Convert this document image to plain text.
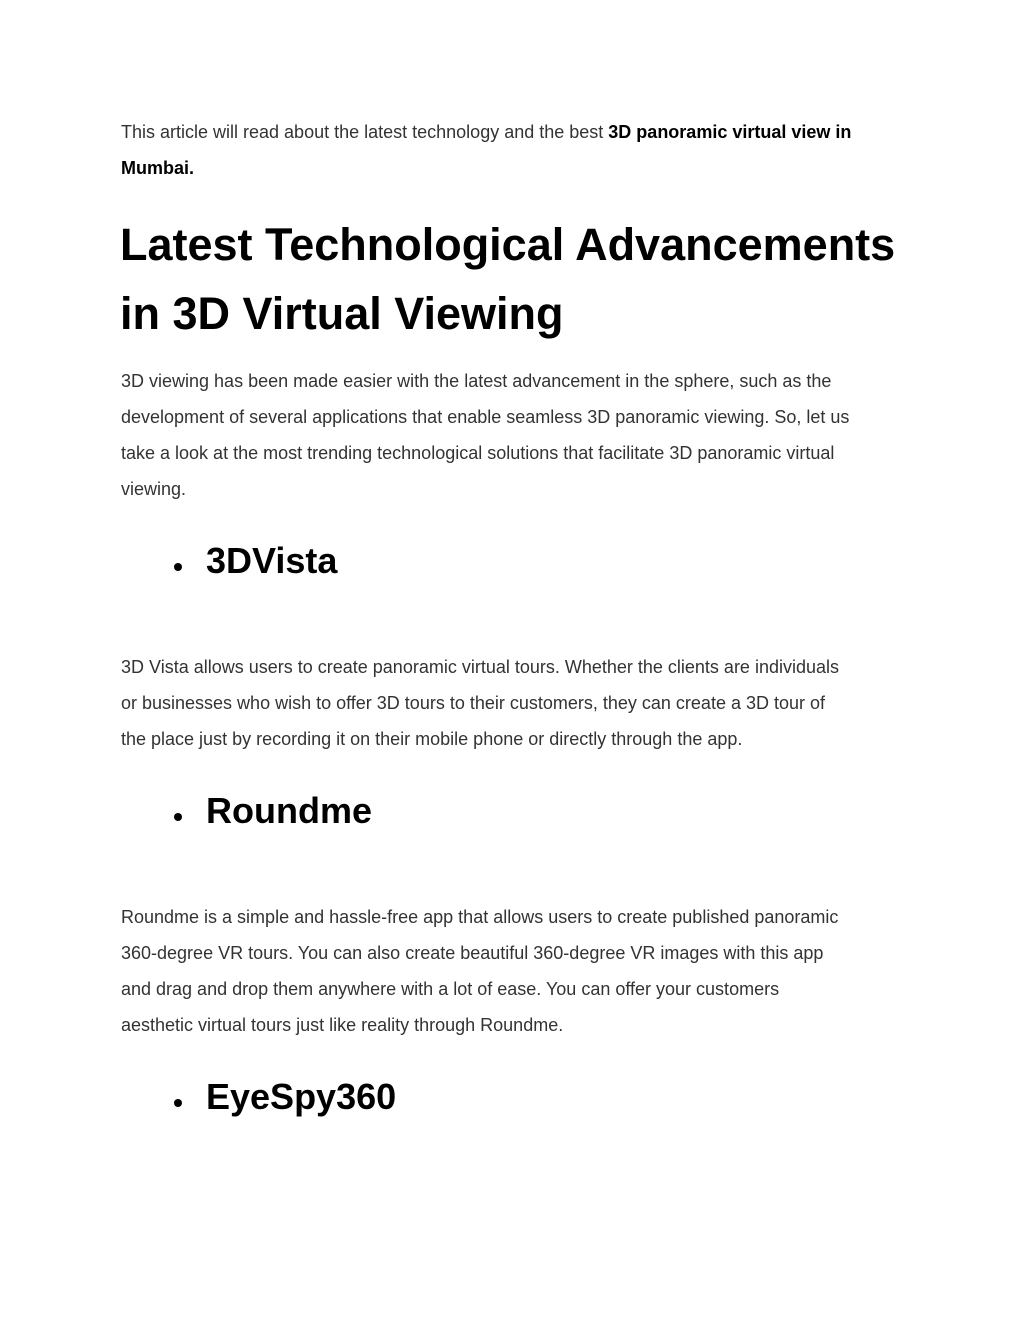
This article will read about the latest technology and the best 3D panoramic virtual view in Mumbai.

Latest Technological Advancements
in 3D Virtual Viewing

3D viewing has been made easier with the latest advancement in the sphere, such as the
development of several applications that enable seamless 3D panoramic viewing. So, let us
take a look at the most trending technological solutions that facilitate 3D panoramic virtual
viewing.

3DVista

3D Vista allows users to create panoramic virtual tours. Whether the clients are individuals
or businesses who wish to offer 3D tours to their customers, they can create a 3D tour of
the place just by recording it on their mobile phone or directly through the app.

Roundme

Roundme is a simple and hassle-free app that allows users to create published panoramic
360-degree VR tours. You can also create beautiful 360-degree VR images with this app
and drag and drop them anywhere with a lot of ease. You can offer your customers
aesthetic virtual tours just like reality through Roundme.

EyeSpy360
